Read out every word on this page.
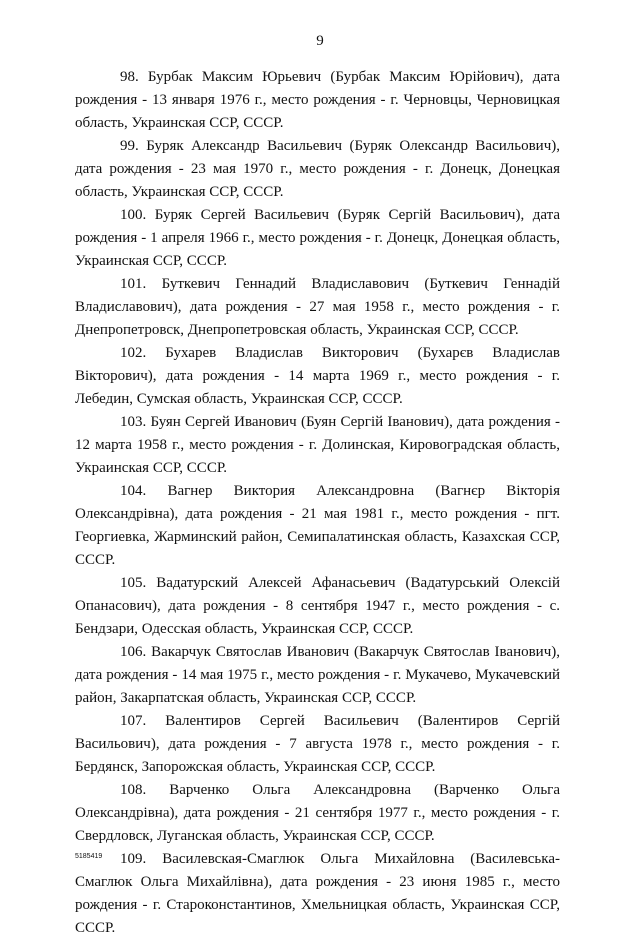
9

98. Бурбак Максим Юрьевич (Бурбак Максим Юрійович), дата рождения - 13 января 1976 г., место рождения - г. Черновцы, Черновицкая область, Украинская ССР, СССР.

99. Буряк Александр Васильевич (Буряк Олександр Васильович), дата рождения - 23 мая 1970 г., место рождения - г. Донецк, Донецкая область, Украинская ССР, СССР.

100. Буряк Сергей Васильевич (Буряк Сергій Васильович), дата рождения - 1 апреля 1966 г., место рождения - г. Донецк, Донецкая область, Украинская ССР, СССР.

101. Буткевич Геннадий Владиславович (Буткевич Геннадій Владиславович), дата рождения - 27 мая 1958 г., место рождения - г. Днепропетровск, Днепропетровская область, Украинская ССР, СССР.

102. Бухарев Владислав Викторович (Бухарєв Владислав Вікторович), дата рождения - 14 марта 1969 г., место рождения - г. Лебедин, Сумская область, Украинская ССР, СССР.

103. Буян Сергей Иванович (Буян Сергій Іванович), дата рождения - 12 марта 1958 г., место рождения - г. Долинская, Кировоградская область, Украинская ССР, СССР.

104. Вагнер Виктория Александровна (Вагнєр Вікторія Олександрівна), дата рождения - 21 мая 1981 г., место рождения - пгт. Георгиевка, Жарминский район, Семипалатинская область, Казахская ССР, СССР.

105. Вадатурский Алексей Афанасьевич (Вадатурський Олексій Опанасович), дата рождения - 8 сентября 1947 г., место рождения - с. Бендзари, Одесская область, Украинская ССР, СССР.

106. Вакарчук Святослав Иванович (Вакарчук Святослав Іванович), дата рождения - 14 мая 1975 г., место рождения - г. Мукачево, Мукачевский район, Закарпатская область, Украинская ССР, СССР.

107. Валентиров Сергей Васильевич (Валентиров Сергій Васильович), дата рождения - 7 августа 1978 г., место рождения - г. Бердянск, Запорожская область, Украинская ССР, СССР.

108. Варченко Ольга Александровна (Варченко Ольга Олександрівна), дата рождения - 21 сентября 1977 г., место рождения - г. Свердловск, Луганская область, Украинская ССР, СССР.

109. Василевская-Смаглюк Ольга Михайловна (Василевська-Смаглюк Ольга Михайлівна), дата рождения - 23 июня 1985 г., место рождения - г. Староконстантинов, Хмельницкая область, Украинская ССР, СССР.

5185419
